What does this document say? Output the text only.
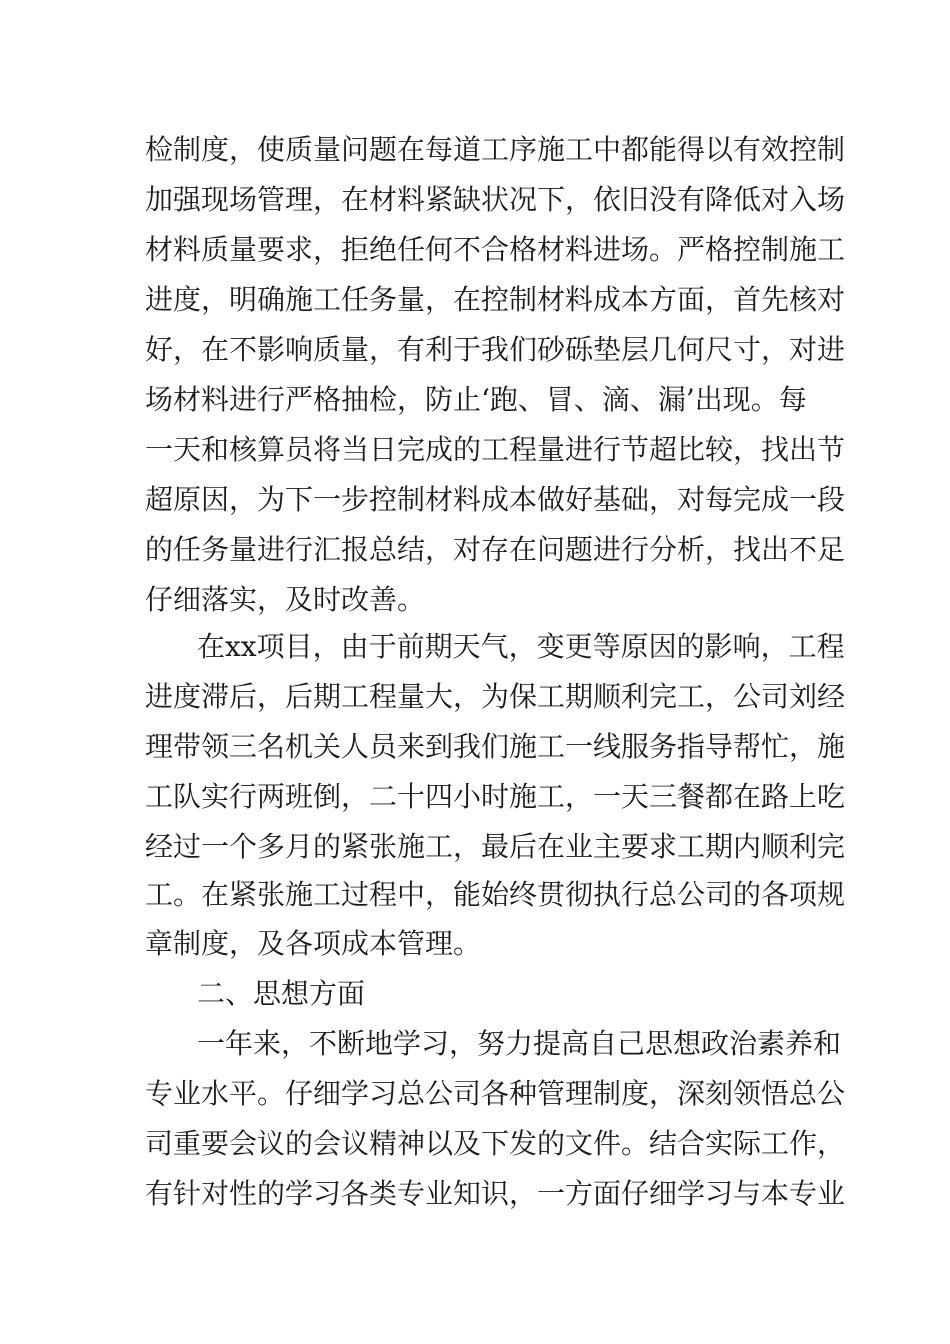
检制度，使质量问题在每道工序施工中都能得以有效控制
加强现场管理，在材料紧缺状况下，依旧没有降低对入场
材料质量要求，拒绝任何不合格材料进场。严格控制施工
进度，明确施工任务量，在控制材料成本方面，首先核对
好，在不影响质量，有利于我们砂砾垫层几何尺寸，对进
场材料进行严格抽检，防止‘跑、冒、滴、漏’出现。每
一天和核算员将当日完成的工程量进行节超比较，找出节
超原因，为下一步控制材料成本做好基础，对每完成一段
的任务量进行汇报总结，对存在问题进行分析，找出不足
仔细落实，及时改善。
在xx项目，由于前期天气，变更等原因的影响，工程
进度滞后，后期工程量大，为保工期顺利完工，公司刘经
理带领三名机关人员来到我们施工一线服务指导帮忙，施
工队实行两班倒，二十四小时施工，一天三餐都在路上吃
经过一个多月的紧张施工，最后在业主要求工期内顺利完
工。在紧张施工过程中，能始终贯彻执行总公司的各项规
章制度，及各项成本管理。
二、思想方面
一年来，不断地学习，努力提高自己思想政治素养和
专业水平。仔细学习总公司各种管理制度，深刻领悟总公
司重要会议的会议精神以及下发的文件。结合实际工作，
有针对性的学习各类专业知识，一方面仔细学习与本专业
